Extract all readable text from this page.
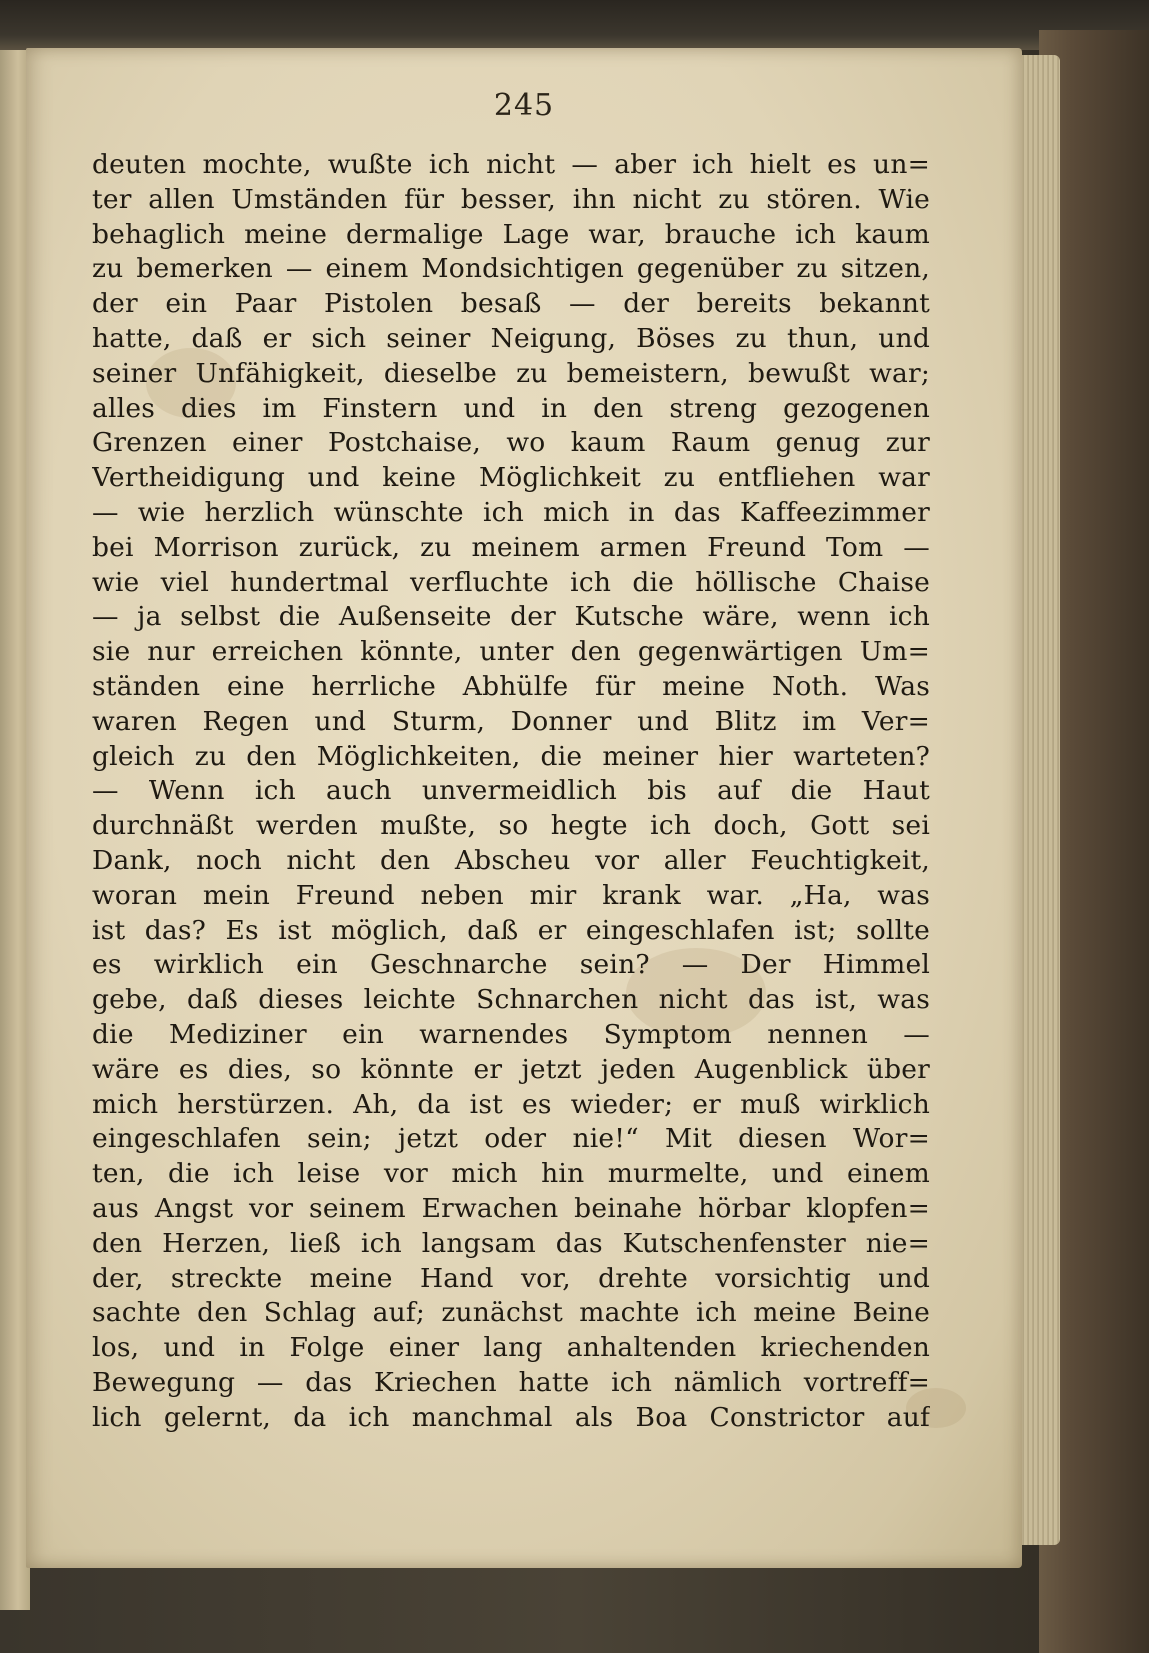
245
deuten mochte, wußte ich nicht — aber ich hielt es un=
ter allen Umständen für besser, ihn nicht zu stören. Wie
behaglich meine dermalige Lage war, brauche ich kaum
zu bemerken — einem Mondsichtigen gegenüber zu sitzen,
der ein Paar Pistolen besaß — der bereits bekannt
hatte, daß er sich seiner Neigung, Böses zu thun, und
seiner Unfähigkeit, dieselbe zu bemeistern, bewußt war;
alles dies im Finstern und in den streng gezogenen
Grenzen einer Postchaise, wo kaum Raum genug zur
Vertheidigung und keine Möglichkeit zu entfliehen war
— wie herzlich wünschte ich mich in das Kaffeezimmer
bei Morrison zurück, zu meinem armen Freund Tom —
wie viel hundertmal verfluchte ich die höllische Chaise
— ja selbst die Außenseite der Kutsche wäre, wenn ich
sie nur erreichen könnte, unter den gegenwärtigen Um=
ständen eine herrliche Abhülfe für meine Noth. Was
waren Regen und Sturm, Donner und Blitz im Ver=
gleich zu den Möglichkeiten, die meiner hier warteten?
— Wenn ich auch unvermeidlich bis auf die Haut
durchnäßt werden mußte, so hegte ich doch, Gott sei
Dank, noch nicht den Abscheu vor aller Feuchtigkeit,
woran mein Freund neben mir krank war. „Ha, was
ist das? Es ist möglich, daß er eingeschlafen ist; sollte
es wirklich ein Geschnarche sein? — Der Himmel
gebe, daß dieses leichte Schnarchen nicht das ist, was
die Mediziner ein warnendes Symptom nennen —
wäre es dies, so könnte er jetzt jeden Augenblick über
mich herstürzen. Ah, da ist es wieder; er muß wirklich
eingeschlafen sein; jetzt oder nie!“ Mit diesen Wor=
ten, die ich leise vor mich hin murmelte, und einem
aus Angst vor seinem Erwachen beinahe hörbar klopfen=
den Herzen, ließ ich langsam das Kutschenfenster nie=
der, streckte meine Hand vor, drehte vorsichtig und
sachte den Schlag auf; zunächst machte ich meine Beine
los, und in Folge einer lang anhaltenden kriechenden
Bewegung — das Kriechen hatte ich nämlich vortreff=
lich gelernt, da ich manchmal als Boa Constrictor auf
